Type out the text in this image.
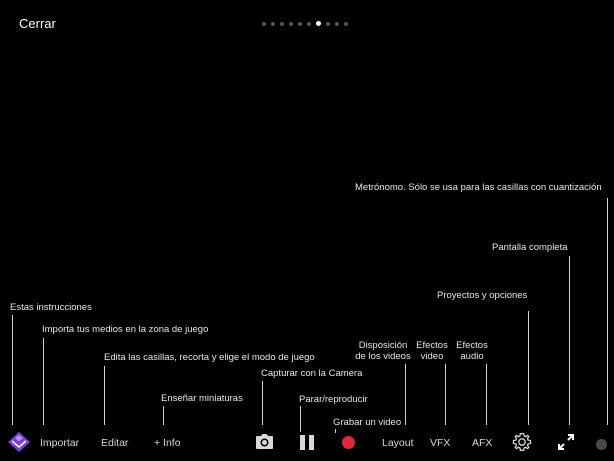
Cerrar
Estas instrucciones
Importa tus medios en la zona de juego
Edita las casillas, recorta y elige el modo de juego
Enseñar miniaturas
Capturar con la Camera
Parar/reproducir
Grabar un video
Disposición
de los videos
Efectos
video
Efectos
audio
Proyectos y opciones
Pantalla completa
Metrónomo. Sólo se usa para las casillas con cuantización
Importar Editar + Info	Layout VFX AFX
